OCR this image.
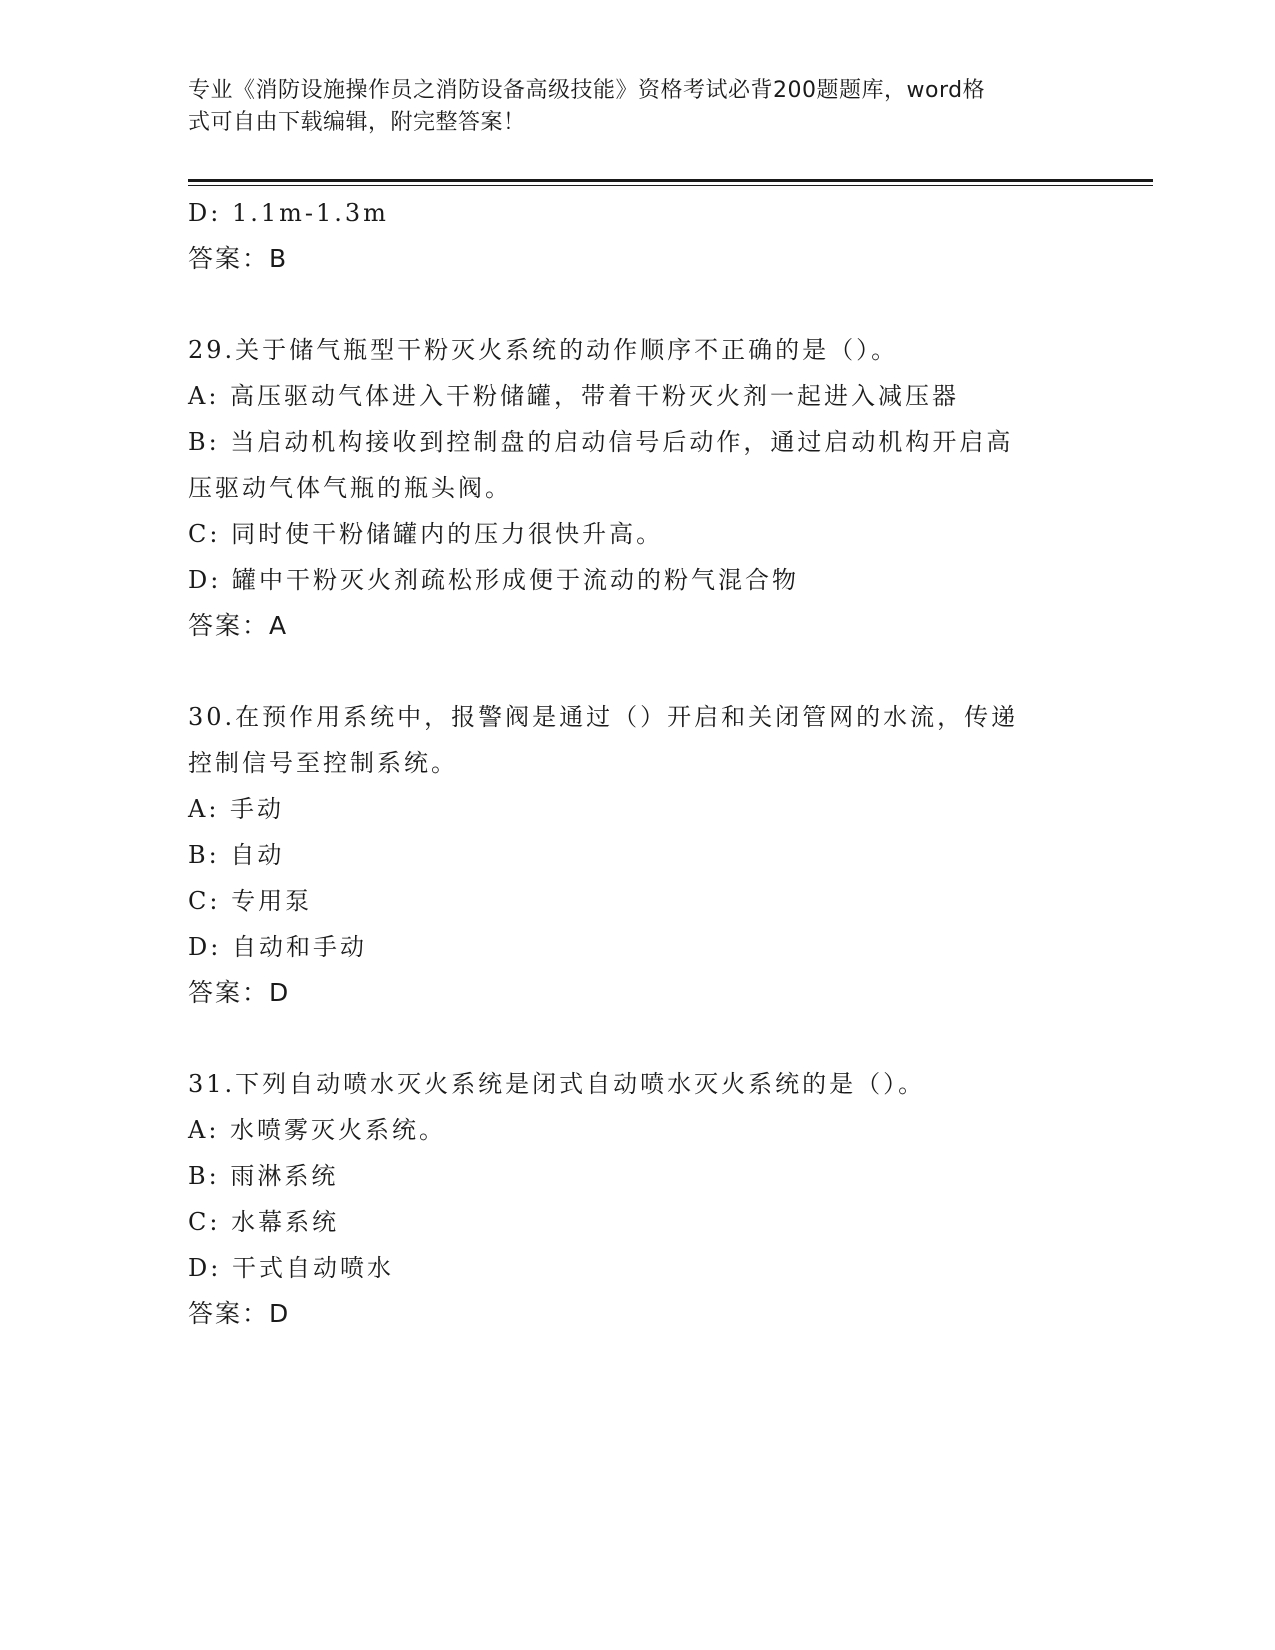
专业《消防设施操作员之消防设备高级技能》资格考试必背200题题库，word格
式可自由下载编辑，附完整答案！

D: 1.1m-1.3m

答案：B

29.关于储气瓶型干粉灭火系统的动作顺序不正确的是（）。

A: 高压驱动气体进入干粉储罐，带着干粉灭火剂一起进入减压器

B: 当启动机构接收到控制盘的启动信号后动作，通过启动机构开启高

压驱动气体气瓶的瓶头阀。

C: 同时使干粉储罐内的压力很快升高。

D: 罐中干粉灭火剂疏松形成便于流动的粉气混合物

答案：A

30.在预作用系统中，报警阀是通过（）开启和关闭管网的水流，传递

控制信号至控制系统。

A: 手动

B: 自动

C: 专用泵

D: 自动和手动

答案：D

31.下列自动喷水灭火系统是闭式自动喷水灭火系统的是（）。

A: 水喷雾灭火系统。

B: 雨淋系统

C: 水幕系统

D: 干式自动喷水

答案：D
